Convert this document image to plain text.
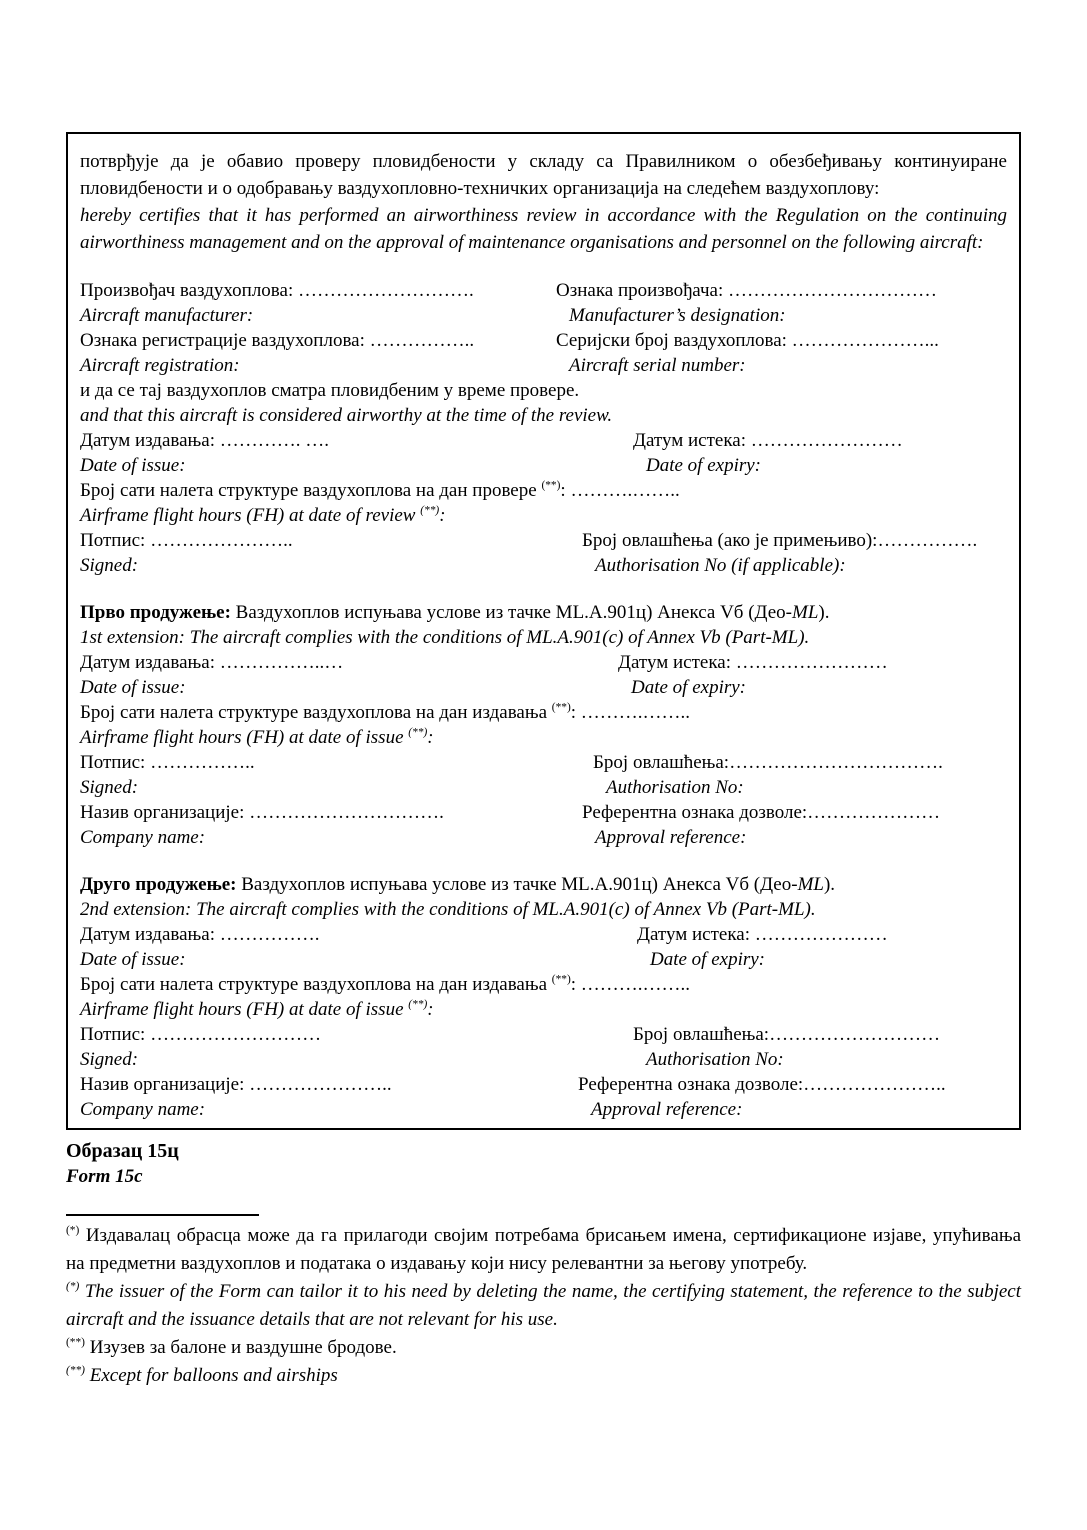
потврђује да је обавио проверу пловидбености у складу са Правилником о обезбеђивању континуиране пловидбености и о одобравању ваздухопловно-техничких организација на следећем ваздухоплову:

hereby certifies that it has performed an airworthiness review in accordance with the Regulation on the continuing airworthiness management and on the approval of maintenance organisations and personnel on the following aircraft:

Произвођач ваздухоплова: ……………………….	Ознака произвођача: ……………………………
Aircraft manufacturer:	Manufacturer’s designation:
Ознака регистрације ваздухоплова: ……………..	Серијски број ваздухоплова: …………………...
Aircraft registration:	Aircraft serial number:

и да се тај ваздухоплов сматра пловидбеним у време провере.

and that this aircraft is considered airworthy at the time of the review.

Датум издавања: …………. ….	Датум истека: ……………………
Date of issue:	Date of expiry:

Број сати налета структуре ваздухоплова на дан провере (**): ……….……..

Airframe flight hours (FH) at date of review (**):

Потпис: …………………..	Број овлашћења (ако је примењиво):…………….
Signed:	Authorisation No (if applicable):

Прво продужење: Ваздухоплов испуњава услове из тачке ML.A.901ц) Анекса Vб (Део-ML).

1st extension: The aircraft complies with the conditions of ML.A.901(c) of Annex Vb (Part-ML).

Датум издавања: ……………..…	Датум истека: ……………………
Date of issue:	Date of expiry:

Број сати налета структуре ваздухоплова на дан издавања (**): ……….……..

Airframe flight hours (FH) at date of issue (**):

Потпис: ……………..	Број овлашћења:…………………………….
Signed:	Authorisation No:
Назив организације: ………………………….	Референтна ознака дозволе:…………………
Company name:	Approval reference:

Друго продужење: Ваздухоплов испуњава услове из тачке ML.A.901ц) Анекса Vб (Део-ML).

2nd extension: The aircraft complies with the conditions of ML.A.901(c) of Annex Vb (Part-ML).

Датум издавања: …………….	Датум истека: …………………
Date of issue:	Date of expiry:

Број сати налета структуре ваздухоплова на дан издавања (**): ……….……..

Airframe flight hours (FH) at date of issue (**):

Потпис: ………………………	Број овлашћења:………………………
Signed:	Authorisation No:
Назив организације: …………………..	Референтна ознака дозволе:…………………..
Company name:	Approval reference:

Образац 15ц

Form 15c

(*) Издавалац обрасца може да га прилагоди својим потребама брисањем имена, сертификационе изјаве, упућивања на предметни ваздухоплов и података о издавању који нису релевантни за његову употребу.

(*) The issuer of the Form can tailor it to his need by deleting the name, the certifying statement, the reference to the subject aircraft and the issuance details that are not relevant for his use.

(**) Изузев за балоне и ваздушне бродове.

(**) Except for balloons and airships
